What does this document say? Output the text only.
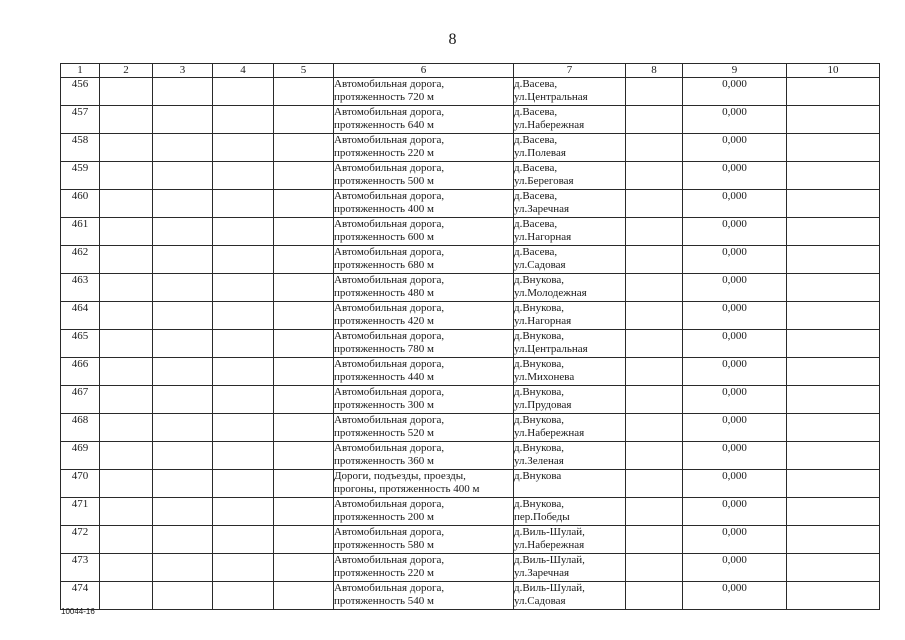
8
1	2	3	4	5	6	7	8	9	10
456					Автомобильная дорога,
протяженность 720 м	д.Васева,
ул.Центральная		0,000	
457					Автомобильная дорога,
протяженность 640 м	д.Васева,
ул.Набережная		0,000	
458					Автомобильная дорога,
протяженность 220 м	д.Васева,
ул.Полевая		0,000	
459					Автомобильная дорога,
протяженность 500 м	д.Васева,
ул.Береговая		0,000	
460					Автомобильная дорога,
протяженность 400 м	д.Васева,
ул.Заречная		0,000	
461					Автомобильная дорога,
протяженность 600 м	д.Васева,
ул.Нагорная		0,000	
462					Автомобильная дорога,
протяженность 680 м	д.Васева,
ул.Садовая		0,000	
463					Автомобильная дорога,
протяженность 480 м	д.Внукова,
ул.Молодежная		0,000	
464					Автомобильная дорога,
протяженность 420 м	д.Внукова,
ул.Нагорная		0,000	
465					Автомобильная дорога,
протяженность 780 м	д.Внукова,
ул.Центральная		0,000	
466					Автомобильная дорога,
протяженность 440 м	д.Внукова,
ул.Михонева		0,000	
467					Автомобильная дорога,
протяженность 300 м	д.Внукова,
ул.Прудовая		0,000	
468					Автомобильная дорога,
протяженность 520 м	д.Внукова,
ул.Набережная		0,000	
469					Автомобильная дорога,
протяженность 360 м	д.Внукова,
ул.Зеленая		0,000	
470					Дороги, подъезды, проезды,
прогоны, протяженность 400 м	д.Внукова		0,000	
471					Автомобильная дорога,
протяженность 200 м	д.Внукова,
пер.Победы		0,000	
472					Автомобильная дорога,
протяженность 580 м	д.Виль-Шулай,
ул.Набережная		0,000	
473					Автомобильная дорога,
протяженность 220 м	д.Виль-Шулай,
ул.Заречная		0,000	
474					Автомобильная дорога,
протяженность 540 м	д.Виль-Шулай,
ул.Садовая		0,000	
10044-16
